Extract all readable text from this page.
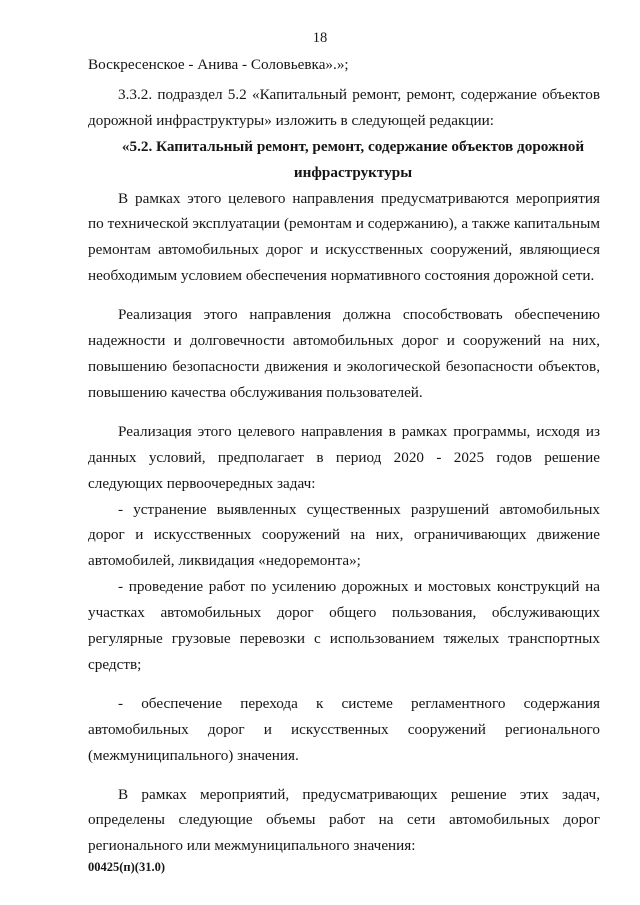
18

Воскресенское - Анива - Соловьевка».»;

3.3.2. подраздел 5.2 «Капитальный ремонт, ремонт, содержание объектов дорожной инфраструктуры» изложить в следующей редакции:

«5.2. Капитальный ремонт, ремонт, содержание объектов дорожной инфраструктуры

В рамках этого целевого направления предусматриваются мероприятия по технической эксплуатации (ремонтам и содержанию), а также капитальным ремонтам автомобильных дорог и искусственных сооружений, являющиеся необходимым условием обеспечения нормативного состояния дорожной сети.

Реализация этого направления должна способствовать обеспечению надежности и долговечности автомобильных дорог и сооружений на них, повышению безопасности движения и экологической безопасности объектов, повышению качества обслуживания пользователей.

Реализация этого целевого направления в рамках программы, исходя из данных условий, предполагает в период 2020 - 2025 годов решение следующих первоочередных задач:

- устранение выявленных существенных разрушений автомобильных дорог и искусственных сооружений на них, ограничивающих движение автомобилей, ликвидация «недоремонта»;

- проведение работ по усилению дорожных и мостовых конструкций на участках автомобильных дорог общего пользования, обслуживающих регулярные грузовые перевозки с использованием тяжелых транспортных средств;

- обеспечение перехода к системе регламентного содержания автомобильных дорог и искусственных сооружений регионального (межмуниципального) значения.

В рамках мероприятий, предусматривающих решение этих задач, определены следующие объемы работ на сети автомобильных дорог регионального или межмуниципального значения:

00425(п)(31.0)
